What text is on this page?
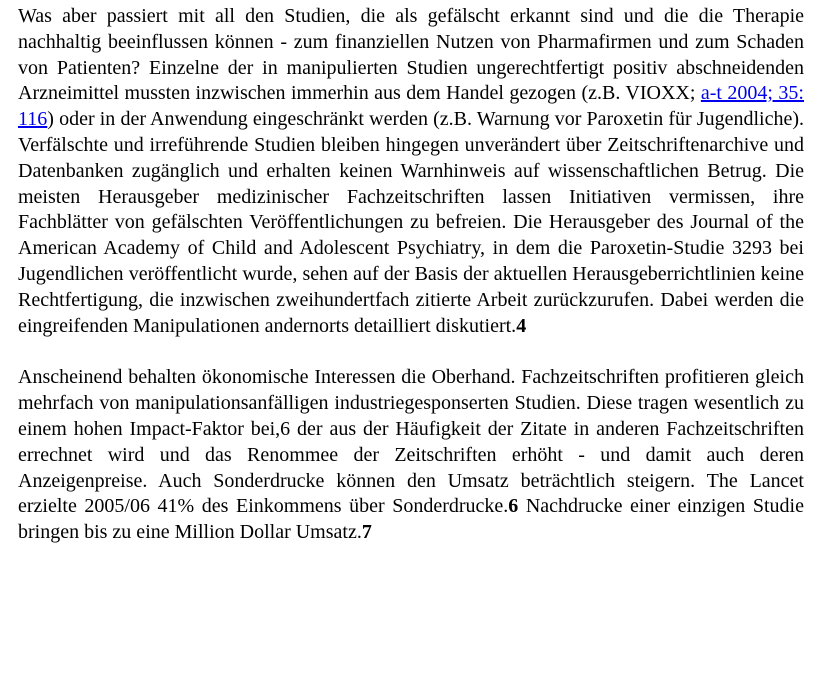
Was aber passiert mit all den Studien, die als gefälscht erkannt sind und die die Therapie nachhaltig beeinflussen können - zum finanziellen Nutzen von Pharmafirmen und zum Schaden von Patienten? Einzelne der in manipulierten Studien ungerechtfertigt positiv abschneidenden Arzneimittel mussten inzwischen immerhin aus dem Handel gezogen (z.B. VIOXX; a-t 2004; 35: 116) oder in der Anwendung eingeschränkt werden (z.B. Warnung vor Paroxetin für Jugendliche). Verfälschte und irreführende Studien bleiben hingegen unverändert über Zeitschriftenarchive und Datenbanken zugänglich und erhalten keinen Warnhinweis auf wissenschaftlichen Betrug. Die meisten Herausgeber medizinischer Fachzeitschriften lassen Initiativen vermissen, ihre Fachblätter von gefälschten Veröffentlichungen zu befreien. Die Herausgeber des Journal of the American Academy of Child and Adolescent Psychiatry, in dem die Paroxetin-Studie 3293 bei Jugendlichen veröffentlicht wurde, sehen auf der Basis der aktuellen Herausgeberrichtlinien keine Rechtfertigung, die inzwischen zweihundertfach zitierte Arbeit zurückzurufen. Dabei werden die eingreifenden Manipulationen andernorts detailliert diskutiert.4

Anscheinend behalten ökonomische Interessen die Oberhand. Fachzeitschriften profitieren gleich mehrfach von manipulationsanfälligen industriegesponserten Studien. Diese tragen wesentlich zu einem hohen Impact-Faktor bei,6 der aus der Häufigkeit der Zitate in anderen Fachzeitschriften errechnet wird und das Renommee der Zeitschriften erhöht - und damit auch deren Anzeigenpreise. Auch Sonderdrucke können den Umsatz beträchtlich steigern. The Lancet erzielte 2005/06 41% des Einkommens über Sonderdrucke.6 Nachdrucke einer einzigen Studie bringen bis zu eine Million Dollar Umsatz.7
